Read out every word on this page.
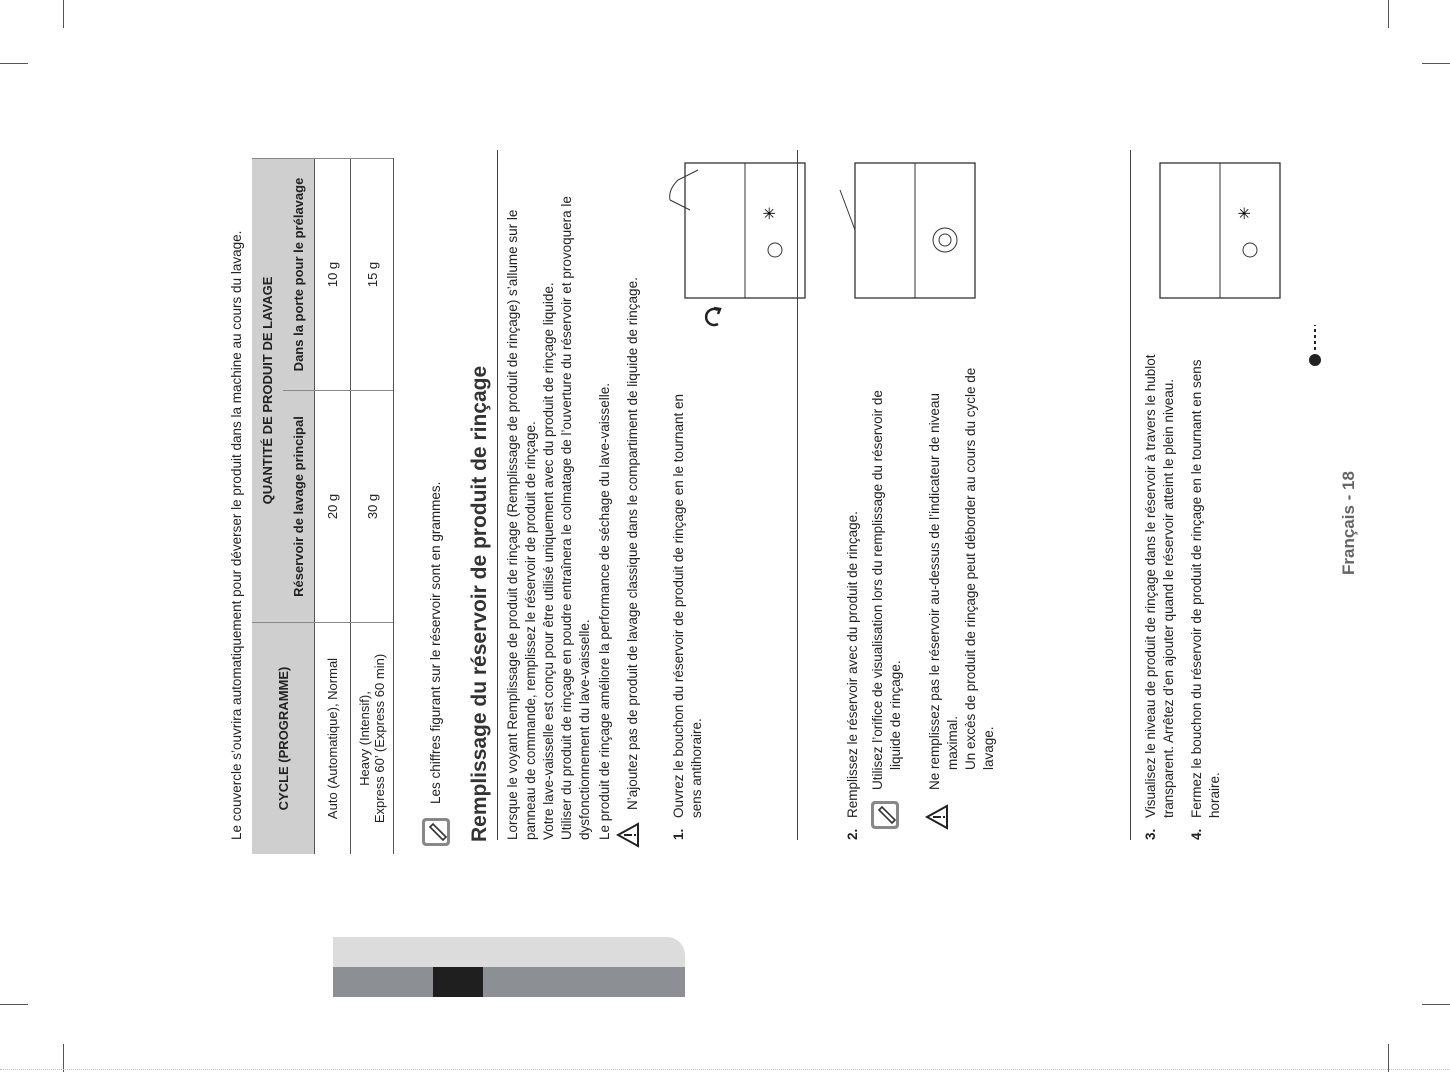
Le couvercle s’ouvrira automatiquement pour déverser le produit dans la machine au cours du lavage. CYCLE (PROGRAMME)	QUANTITÉ DE PRODUIT DE LAVAGE	
	Réservoir de lavage principal	Dans la porte pour le prélavage
Auto (Automatique), Normal	20 g	10 g
Heavy (Intensif),
Express 60’ (Express 60 min)	30 g	15 g
Les chiffres figurant sur le réservoir sont en grammes. Remplissage du réservoir de produit de rinçage Lorsque le voyant Remplissage de produit de rinçage (Remplissage de produit de rinçage) s’allume sur le panneau de commande, remplissez le réservoir de produit de rinçage. Votre lave-vaisselle est conçu pour être utilisé uniquement avec du produit de rinçage liquide. Utiliser du produit de rinçage en poudre entraînera le colmatage de l’ouverture du réservoir et provoquera le dysfonctionnement du lave-vaisselle. Le produit de rinçage améliore la performance de séchage du lave-vaisselle. N’ajoutez pas de produit de lavage classique dans le compartiment de liquide de rinçage.
1.
Ouvrez le bouchon du réservoir de produit de rinçage en le tournant en sens antihoraire.
✳
2.
Remplissez le réservoir avec du produit de rinçage. Utilisez l’orifice de visualisation lors du remplissage du réservoir de liquide de rinçage. Ne remplissez pas le réservoir au-dessus de l’indicateur de niveau maximal. Un excès de produit de rinçage peut déborder au cours du cycle de lavage.
3.
Visualisez le niveau de produit de rinçage dans le réservoir à travers le hublot transparent. Arrêtez d’en ajouter quand le réservoir atteint le plein niveau.
4.
Fermez le bouchon du réservoir de produit de rinçage en le tournant en sens horaire.
✳
Français - 18
